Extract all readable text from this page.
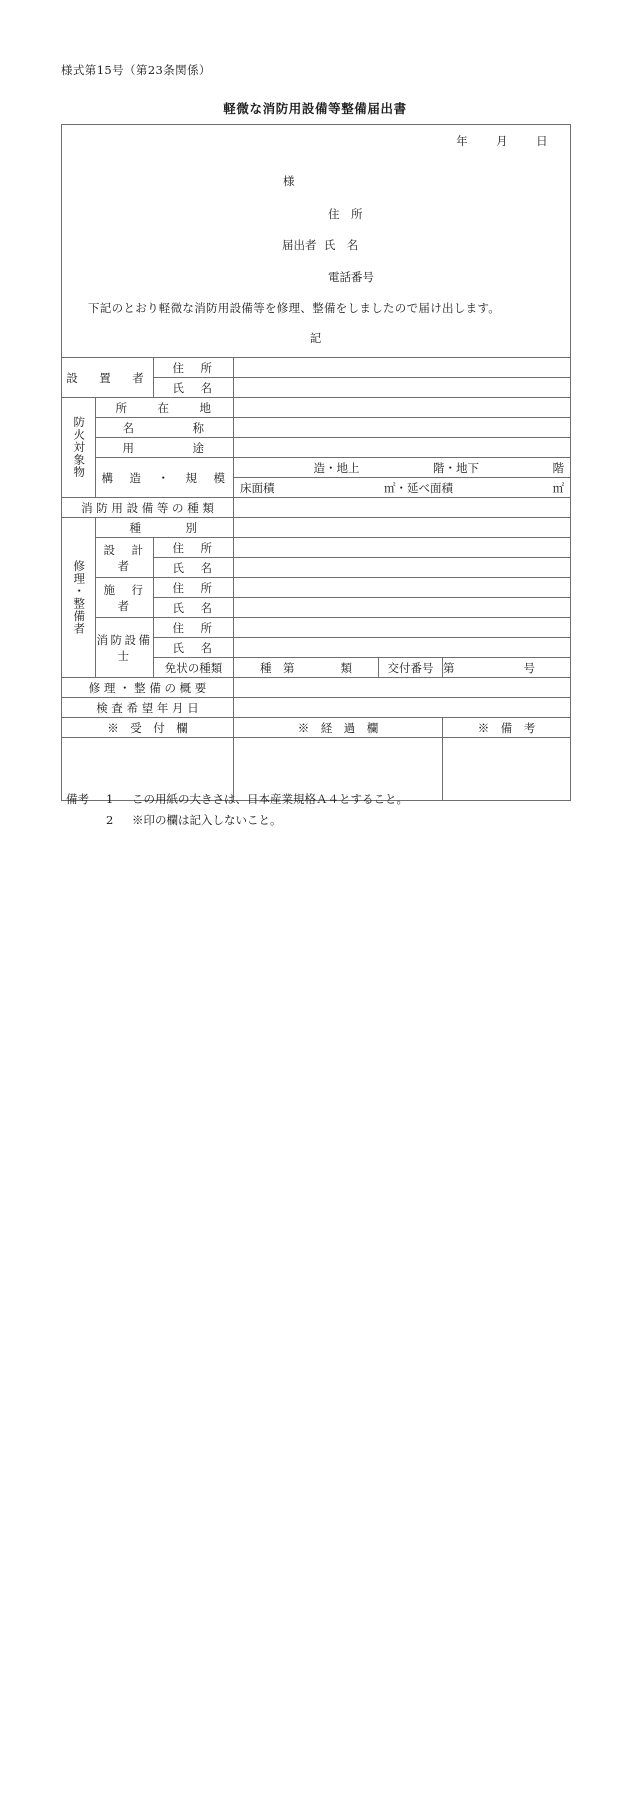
様式第15号（第23条関係）
軽微な消防用設備等整備届出書
年 月 日
様
住　所
届出者 氏　名
電話番号
下記のとおり軽微な消防用設備等を修理、整備をしましたので届け出します。
記

設　置　者		住　所			
		氏　名			

防火対象物	所　　在　　地				
	名　　　　称				
	用　　　　途				
	構　造　・　規　模		造・地上 階・地下 階		

			床面積 ㎡・延べ面積 ㎡		

消 防 用 設 備 等 の 種 類					

修理・整備者	種　　　別				
	設　計　者	住　所			
		氏　名			
	施　行　者	住　所			
		氏　名			
	消防設備士	住　所			
		氏　名			
		免状の種類	種　第　　　　類	交付番号	第　　　　　　号

修 理 ・ 整 備 の 概 要					
検 査 希 望 年 月 日					
※　受　付　欄			※　経　過　欄		※　備　考

備考 1 この用紙の大きさは、日本産業規格Ａ４とすること。
2 ※印の欄は記入しないこと。
